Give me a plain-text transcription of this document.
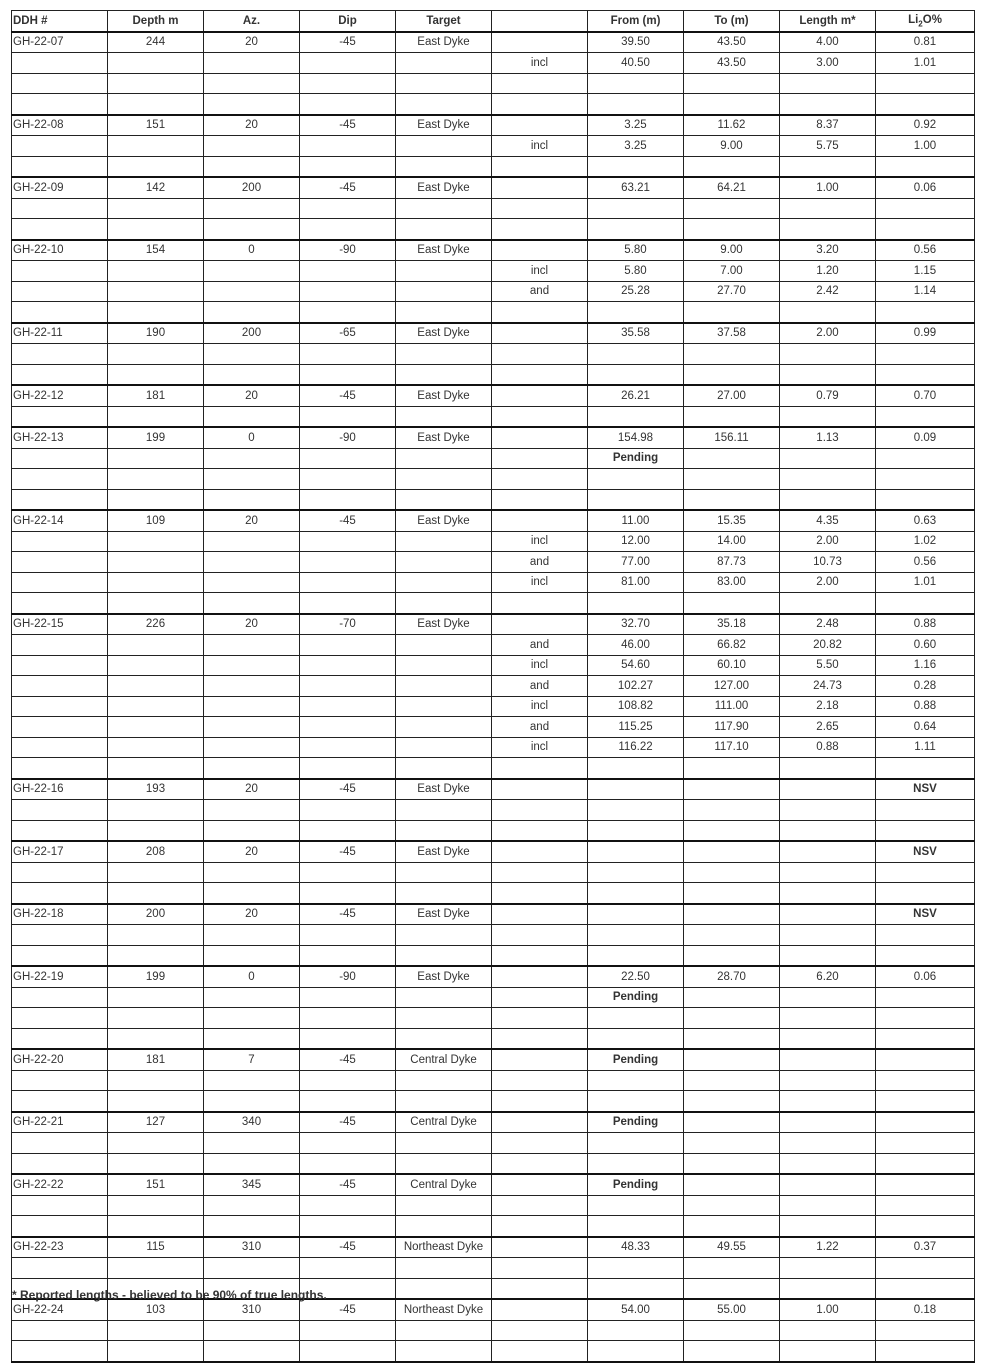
DDH #	Depth m	Az.	Dip	Target		From (m)	To (m)	Length m*	$Li_2O\%$
GH-22-07	244	20	-45	East Dyke		39.50	43.50	4.00	0.81
					incl	40.50	43.50	3.00	1.01

GH-22-08	151	20	-45	East Dyke		3.25	11.62	8.37	0.92
					incl	3.25	9.00	5.75	1.00

GH-22-09	142	200	-45	East Dyke		63.21	64.21	1.00	0.06

GH-22-10	154	0	-90	East Dyke		5.80	9.00	3.20	0.56
					incl	5.80	7.00	1.20	1.15
					and	25.28	27.70	2.42	1.14

GH-22-11	190	200	-65	East Dyke		35.58	37.58	2.00	0.99

GH-22-12	181	20	-45	East Dyke		26.21	27.00	0.79	0.70

GH-22-13	199	0	-90	East Dyke		154.98	156.11	1.13	0.09
						Pending			

GH-22-14	109	20	-45	East Dyke		11.00	15.35	4.35	0.63
					incl	12.00	14.00	2.00	1.02
					and	77.00	87.73	10.73	0.56
					incl	81.00	83.00	2.00	1.01

GH-22-15	226	20	-70	East Dyke		32.70	35.18	2.48	0.88
					and	46.00	66.82	20.82	0.60
					incl	54.60	60.10	5.50	1.16
					and	102.27	127.00	24.73	0.28
					incl	108.82	111.00	2.18	0.88
					and	115.25	117.90	2.65	0.64
					incl	116.22	117.10	0.88	1.11

GH-22-16	193	20	-45	East Dyke					NSV

GH-22-17	208	20	-45	East Dyke					NSV

GH-22-18	200	20	-45	East Dyke					NSV

GH-22-19	199	0	-90	East Dyke		22.50	28.70	6.20	0.06
						Pending			

GH-22-20	181	7	-45	Central Dyke		Pending			

GH-22-21	127	340	-45	Central Dyke		Pending			

GH-22-22	151	345	-45	Central Dyke		Pending			

GH-22-23	115	310	-45	Northeast Dyke		48.33	49.55	1.22	0.37

GH-22-24	103	310	-45	Northeast Dyke		54.00	55.00	1.00	0.18

* Reported lengths - believed to be 90% of true lengths.
